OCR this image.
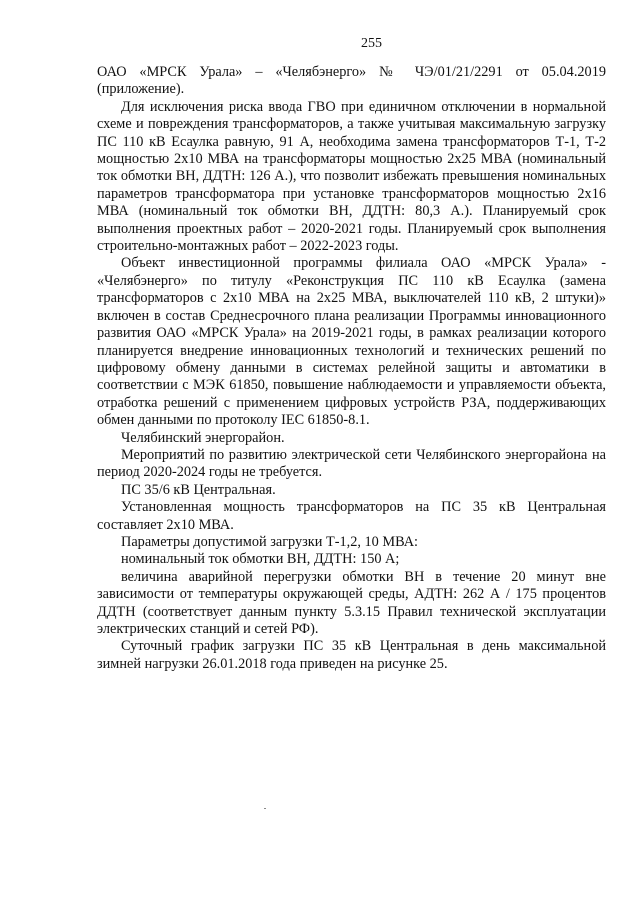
255

ОАО «МРСК Урала» – «Челябэнерго» № ЧЭ/01/21/2291 от 05.04.2019 (приложение).

Для исключения риска ввода ГВО при единичном отключении в нормальной схеме и повреждения трансформаторов, а также учитывая максимальную загрузку ПС 110 кВ Есаулка равную, 91 А, необходима замена трансформаторов Т-1, Т-2 мощностью 2х10 МВА на трансформаторы мощностью 2х25 МВА (номинальный ток обмотки ВН, ДДТН: 126 А.), что позволит избежать превышения номинальных параметров трансформатора при установке трансформаторов мощностью 2х16 МВА (номинальный ток обмотки ВН, ДДТН: 80,3 А.). Планируемый срок выполнения проектных работ – 2020-2021 годы. Планируемый срок выполнения строительно-монтажных работ – 2022-2023 годы.

Объект инвестиционной программы филиала ОАО «МРСК Урала» - «Челябэнерго» по титулу «Реконструкция ПС 110 кВ Есаулка (замена трансформаторов с 2х10 МВА на 2х25 МВА, выключателей 110 кВ, 2 штуки)» включен в состав Среднесрочного плана реализации Программы инновационного развития ОАО «МРСК Урала» на 2019-2021 годы, в рамках реализации которого планируется внедрение инновационных технологий и технических решений по цифровому обмену данными в системах релейной защиты и автоматики в соответствии с МЭК 61850, повышение наблюдаемости и управляемости объекта, отработка решений с применением цифровых устройств РЗА, поддерживающих обмен данными по протоколу IEC 61850-8.1.

Челябинский энергорайон.

Мероприятий по развитию электрической сети Челябинского энергорайона на период 2020-2024 годы не требуется.

ПС 35/6 кВ Центральная.

Установленная мощность трансформаторов на ПС 35 кВ Центральная составляет 2х10 МВА.

Параметры допустимой загрузки Т-1,2, 10 МВА:

номинальный ток обмотки ВН, ДДТН: 150 А;

величина аварийной перегрузки обмотки ВН в течение 20 минут вне зависимости от температуры окружающей среды, АДТН: 262 А / 175 процентов ДДТН (соответствует данным пункту 5.3.15 Правил технической эксплуатации электрических станций и сетей РФ).

Суточный график загрузки ПС 35 кВ Центральная в день максимальной зимней нагрузки 26.01.2018 года приведен на рисунке 25.
